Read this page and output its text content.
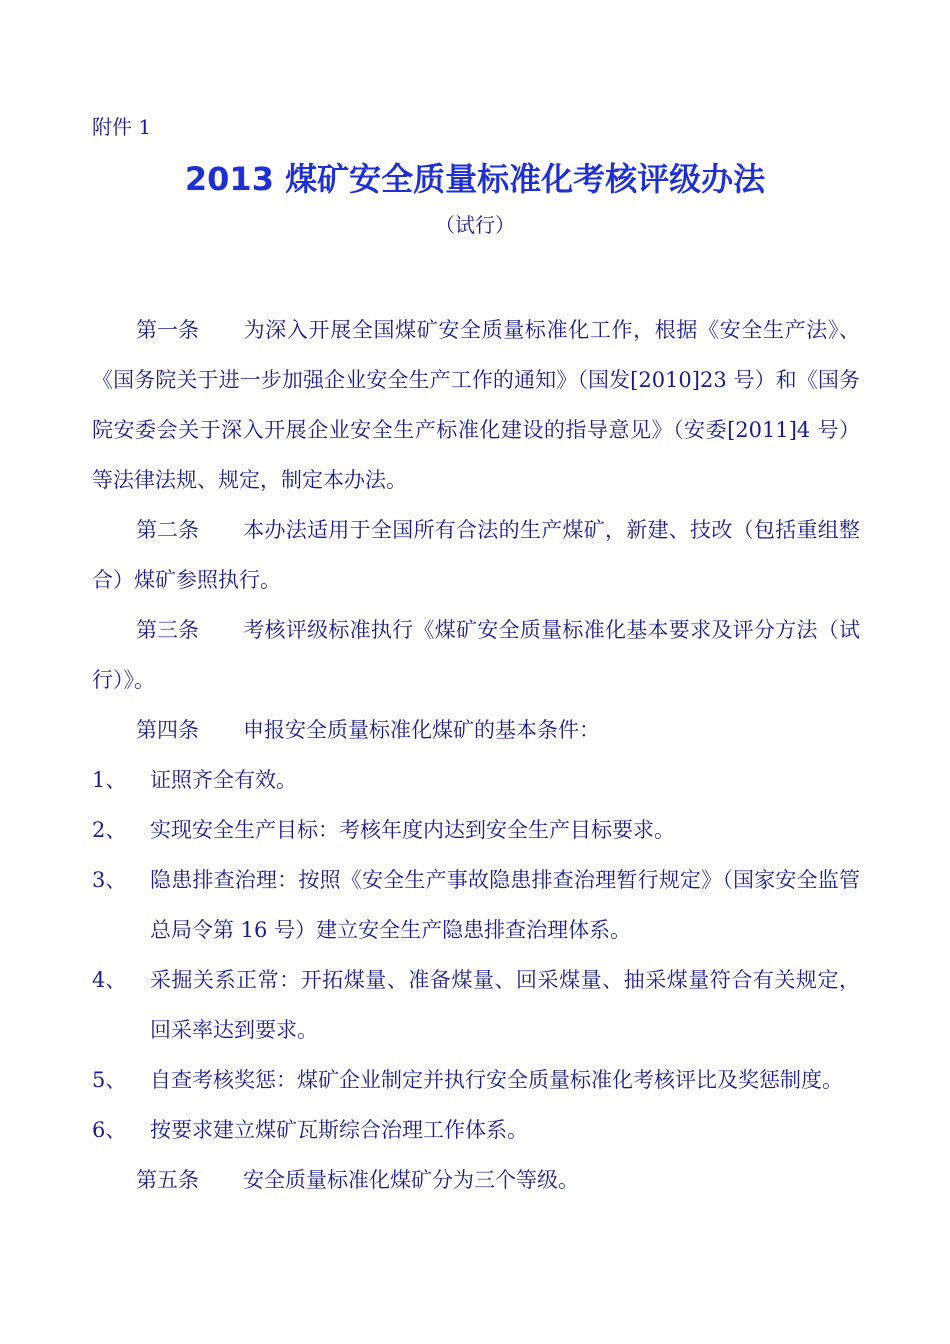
附件 1
2013 煤矿安全质量标准化考核评级办法
（试行）

第一条 为深入开展全国煤矿安全质量标准化工作，根据《安全生产法》、《国务院关于进一步加强企业安全生产工作的通知》（国发[2010]23 号）和《国务院安委会关于深入开展企业安全生产标准化建设的指导意见》（安委[2011]4 号）等法律法规、规定，制定本办法。

第二条 本办法适用于全国所有合法的生产煤矿，新建、技改（包括重组整合）煤矿参照执行。

第三条 考核评级标准执行《煤矿安全质量标准化基本要求及评分方法（试行）》。

第四条 申报安全质量标准化煤矿的基本条件：

1、	证照齐全有效。
2、	实现安全生产目标：考核年度内达到安全生产目标要求。
3、	隐患排查治理：按照《安全生产事故隐患排查治理暂行规定》（国家安全监管总局令第 16 号）建立安全生产隐患排查治理体系。
4、	采掘关系正常：开拓煤量、准备煤量、回采煤量、抽采煤量符合有关规定，回采率达到要求。
5、	自查考核奖惩：煤矿企业制定并执行安全质量标准化考核评比及奖惩制度。
6、	按要求建立煤矿瓦斯综合治理工作体系。

第五条 安全质量标准化煤矿分为三个等级。
